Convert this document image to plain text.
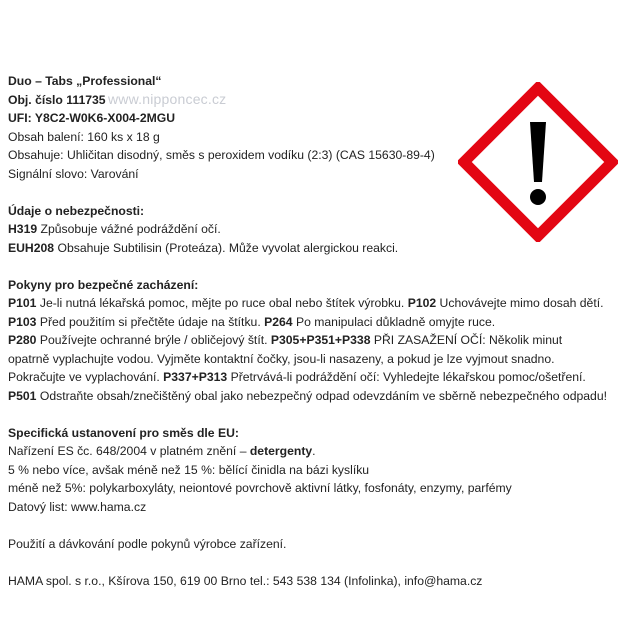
www.nipponcec.cz
Duo – Tabs „Professional“
Obj. číslo 111735
UFI: Y8C2-W0K6-X004-2MGU
Obsah balení: 160 ks x 18 g
Obsahuje: Uhličitan disodný, směs s peroxidem vodíku (2:3) (CAS 15630-89-4)
Signální slovo: Varování
Údaje o nebezpečnosti:
H319 Způsobuje vážné podráždění očí.
EUH208 Obsahuje Subtilisin (Proteáza). Může vyvolat alergickou reakci.
Pokyny pro bezpečné zacházení:
P101 Je-li nutná lékařská pomoc, mějte po ruce obal nebo štítek výrobku. P102 Uchovávejte mimo dosah dětí.
P103 Před použitím si přečtěte údaje na štítku. P264 Po manipulaci důkladně omyjte ruce.
P280 Používejte ochranné brýle / obličejový štít. P305+P351+P338 PŘI ZASAŽENÍ OČÍ: Několik minut
opatrně vyplachujte vodou. Vyjměte kontaktní čočky, jsou-li nasazeny, a pokud je lze vyjmout snadno.
Pokračujte ve vyplachování. P337+P313 Přetrvává-li podráždění očí: Vyhledejte lékařskou pomoc/ošetření.
P501 Odstraňte obsah/znečištěný obal jako nebezpečný odpad odevzdáním ve sběrně nebezpečného odpadu!
Specifická ustanovení pro směs dle EU:
Nařízení ES čc. 648/2004 v platném znění – detergenty.
5 % nebo více, avšak méně než 15 %: bělící činidla na bázi kyslíku
méně než 5%: polykarboxyláty, neiontové povrchově aktivní látky, fosfonáty, enzymy, parfémy
Datový list: www.hama.cz
Použití a dávkování podle pokynů výrobce zařízení.
HAMA spol. s r.o., Kšírova 150, 619 00 Brno tel.: 543 538 134 (Infolinka), info@hama.cz
